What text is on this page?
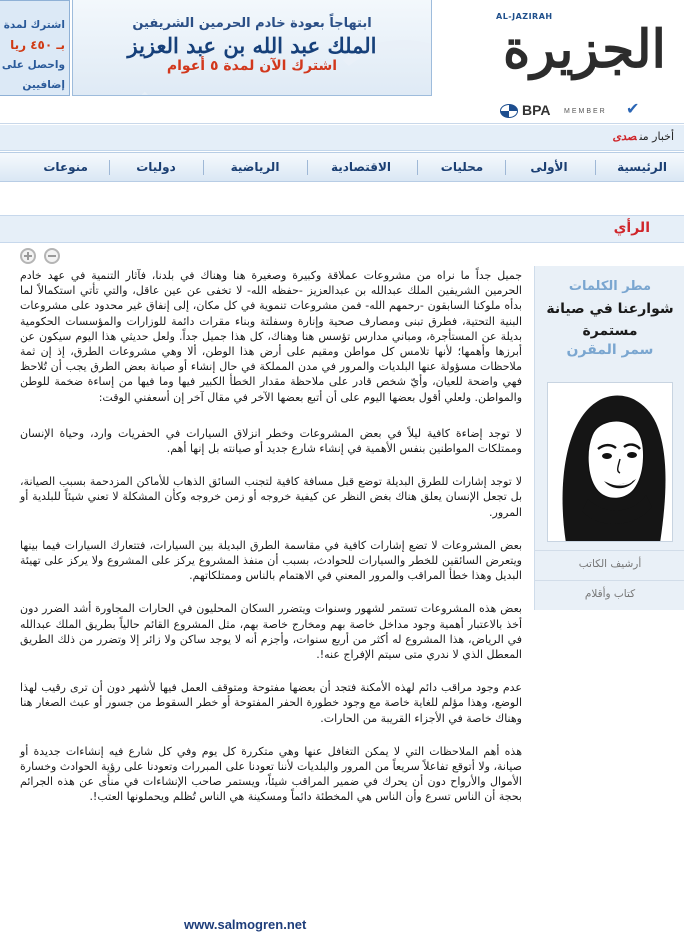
اشترك لمدة
بـ ٤٥٠ ريا
واحصل على
إضافيين
ابتهاجاً بعودة خادم الحرمين الشريفين
الملك عبد الله بن عبد العزيز
اشترك الآن لمدة ٥ أعوام
AL-JAZIRAH
الجزيرة
BPA MEMBER ✔
أخبار منصدى
الرئيسية
الأولى
محليات
الاقتصادية
الرياضية
دوليات
منوعات
الرأي

جميل جداً ما نراه من مشروعات عملاقة وكبيرة وصغيرة هنا وهناك في بلدنا، فآثار التنمية في عهد خادم الحرمين الشريفين الملك عبدالله بن عبدالعزيز -حفظه الله- لا تخفى عن عين عاقل، والتي تأتي استكمالاً لما بدأه ملوكنا السابقون -رحمهم الله- فمن مشروعات تنموية في كل مكان، إلى إنفاق غير محدود على مشروعات البنية التحتية، فطرق تبنى ومصارف صحية وإنارة وسفلتة وبناء مقرات دائمة للوزارات والمؤسسات الحكومية بديلة عن المستأجرة، ومباني مدارس تؤسس هنا وهناك، كل هذا جميل جداً. ولعل حديثي هذا اليوم سيكون عن أبرزها وأهمها؛ لأنها تلامس كل مواطن ومقيم على أرض هذا الوطن، ألا وهي مشروعات الطرق، إذ إن ثمة ملاحظات مسؤولة عنها البلديات والمرور في مدن المملكة في حال إنشاء أو صيانة بعض الطرق يجب أن تُلاحظ فهي واضحة للعيان، وأيّ شخص قادر على ملاحظة مقدار الخطأ الكبير فيها وما فيها من إساءة ضخمة للوطن والمواطن. ولعلي أقول بعضها اليوم على أن أتبع بعضها الآخر في مقال آخر إن أسعفني الوقت:

لا توجد إضاءة كافية ليلاً في بعض المشروعات وخطر انزلاق السيارات في الحفريات وارد، وحياة الإنسان وممتلكات المواطنين بنفس الأهمية في إنشاء شارع جديد أو صيانته بل إنها أهم.

لا توجد إشارات للطرق البديلة توضع قبل مسافة كافية لتجنب السائق الذهاب للأماكن المزدحمة بسبب الصيانة، بل تجعل الإنسان يعلق هناك بغض النظر عن كيفية خروجه أو زمن خروجه وكأن المشكلة لا تعني شيئاً للبلدية أو المرور.

بعض المشروعات لا تضع إشارات كافية في مقاسمة الطرق البديلة بين السيارات، فتتعارك السيارات فيما بينها ويتعرض السائقين للخطر والسيارات للحوادث، بسبب أن منفذ المشروع يركز على المشروع ولا يركز على تهيئة البديل وهذا خطأ المراقب والمرور المعني في الاهتمام بالناس وممتلكاتهم.

بعض هذه المشروعات تستمر لشهور وسنوات ويتضرر السكان المحليون في الحارات المجاورة أشد الضرر دون أخذ بالاعتبار أهمية وجود مداخل خاصة بهم ومخارج خاصة بهم، مثل المشروع القائم حالياً بطريق الملك عبدالله في الرياض، هذا المشروع له أكثر من أربع سنوات، وأجزم أنه لا يوجد ساكن ولا زائر إلا وتضرر من ذلك الطريق المعطل الذي لا ندري متى سيتم الإفراج عنه!.

عدم وجود مراقب دائم لهذه الأمكنة فتجد أن بعضها مفتوحة ومتوقف العمل فيها لأشهر دون أن ترى رقيب لهذا الوضع، وهذا مؤلم للغاية خاصة مع وجود خطورة الحفر المفتوحة أو خطر السقوط من جسور أو عبث الصغار هنا وهناك خاصة في الأجزاء القريبة من الحارات.

هذه أهم الملاحظات التي لا يمكن التغافل عنها وهي متكررة كل يوم وفي كل شارع فيه إنشاءات جديدة أو صيانة، ولا أتوقع تفاعلاً سريعاً من المرور والبلديات لأننا تعودنا على المبررات وتعودنا على رؤية الحوادث وخسارة الأموال والأرواح دون أن يحرك في ضمير المراقب شيئاً، ويستمر صاحب الإنشاءات في منأى عن هذه الجرائم بحجة أن الناس تسرع وأن الناس هي المخطئة دائماً ومسكينة هي الناس تُظلم ويحملونها العتب!.

www.salmogren.net
مطر الكلمات
شوارعنا في صيانة
مستمرة
سمر المقرن
أرشيف الكاتب
كتاب وأقلام
